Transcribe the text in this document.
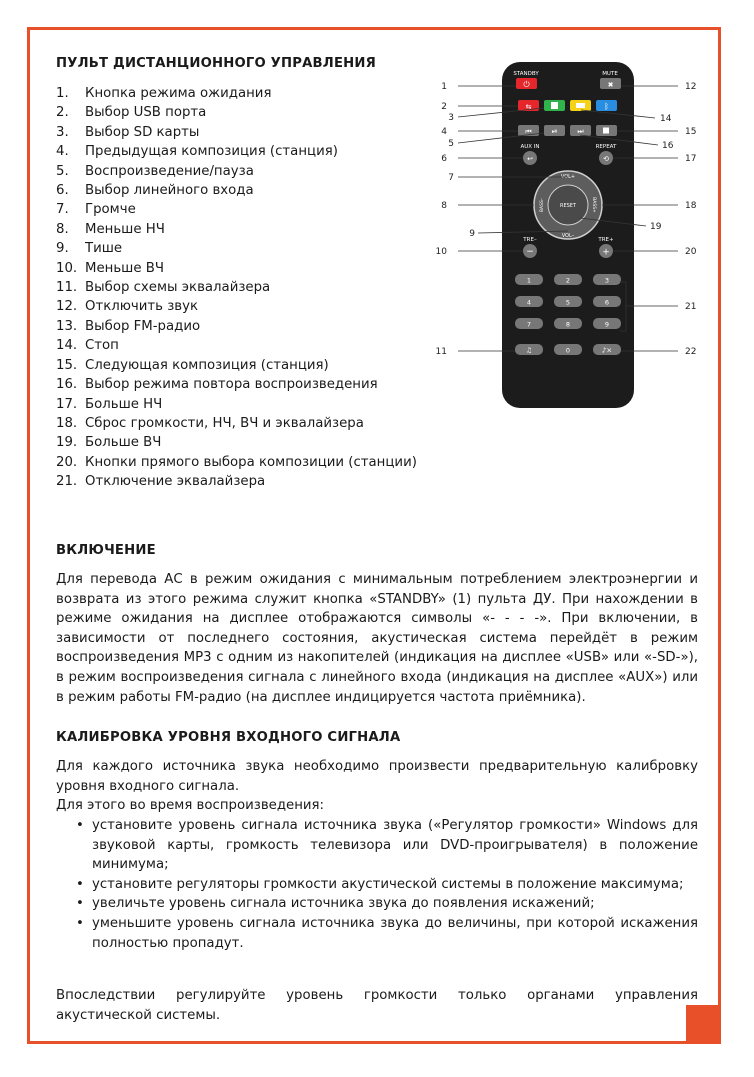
ПУЛЬТ ДИСТАНЦИОННОГО УПРАВЛЕНИЯ
1.	Кнопка режима ожидания
2.	Выбор USB порта
3.	Выбор SD карты
4.	Предыдущая композиция (станция)
5.	Воспроизведение/пауза
6.	Выбор линейного входа
7.	Громче
8.	Меньше НЧ
9.	Тише
10. Меньше ВЧ
11. Выбор схемы эквалайзера
12. Отключить звук
13. Выбор FM-радио
14. Стоп
15. Следующая композиция (станция)
16. Выбор режима повтора воспроизведения
17. Больше НЧ
18. Сброс громкости, НЧ, ВЧ и эквалайзера
19. Больше ВЧ
20. Кнопки прямого выбора композиции (станции)
21. Отключение эквалайзера
STANDBY
⏻
MUTE
✖
⇆	ᛒ
⏮	⏯	⏭
AUX IN
↩
REPEAT
⟲
RESET
VOL+
VOL–
BASS–	BASS+
TRE–
−
TRE+
+
1	2	3
4	5	6
7	8	9
0
♫	♪×
1
2
3
4
5
6
7
8
9
10
11
12
14
15
16
17
18
19
20
21
22
ВКЛЮЧЕНИЕ

Для перевода АС в режим ожидания с минимальным потреблением электроэнергии и возврата из этого режима служит кнопка «STANDBY» (1) пульта ДУ. При нахождении в режиме ожидания на дисплее отображаются символы «- - - -». При включении, в зависимости от последнего состояния, акустическая система перейдёт в режим воспроизведения MP3 с одним из накопителей (индикация на дисплее «USB» или «-SD-»), в режим воспроизведения сигнала с линейного входа (индикация на дисплее «AUX») или в режим работы FM-радио (на дисплее индицируется частота приёмника).

КАЛИБРОВКА УРОВНЯ ВХОДНОГО СИГНАЛА

Для каждого источника звука необходимо произвести предварительную калибровку уровня входного сигнала.

Для этого во время воспроизведения:

• установите уровень сигнала источника звука («Регулятор громкости» Windows для звуковой карты, громкость телевизора или DVD-проигрывателя) в положение минимума;
• установите регуляторы громкости акустической системы в положение максимума;
• увеличьте уровень сигнала источника звука до появления искажений;
• уменьшите уровень сигнала источника звука до величины, при которой искажения полностью пропадут.

Впоследствии регулируйте уровень громкости только органами управления акустической системы.
